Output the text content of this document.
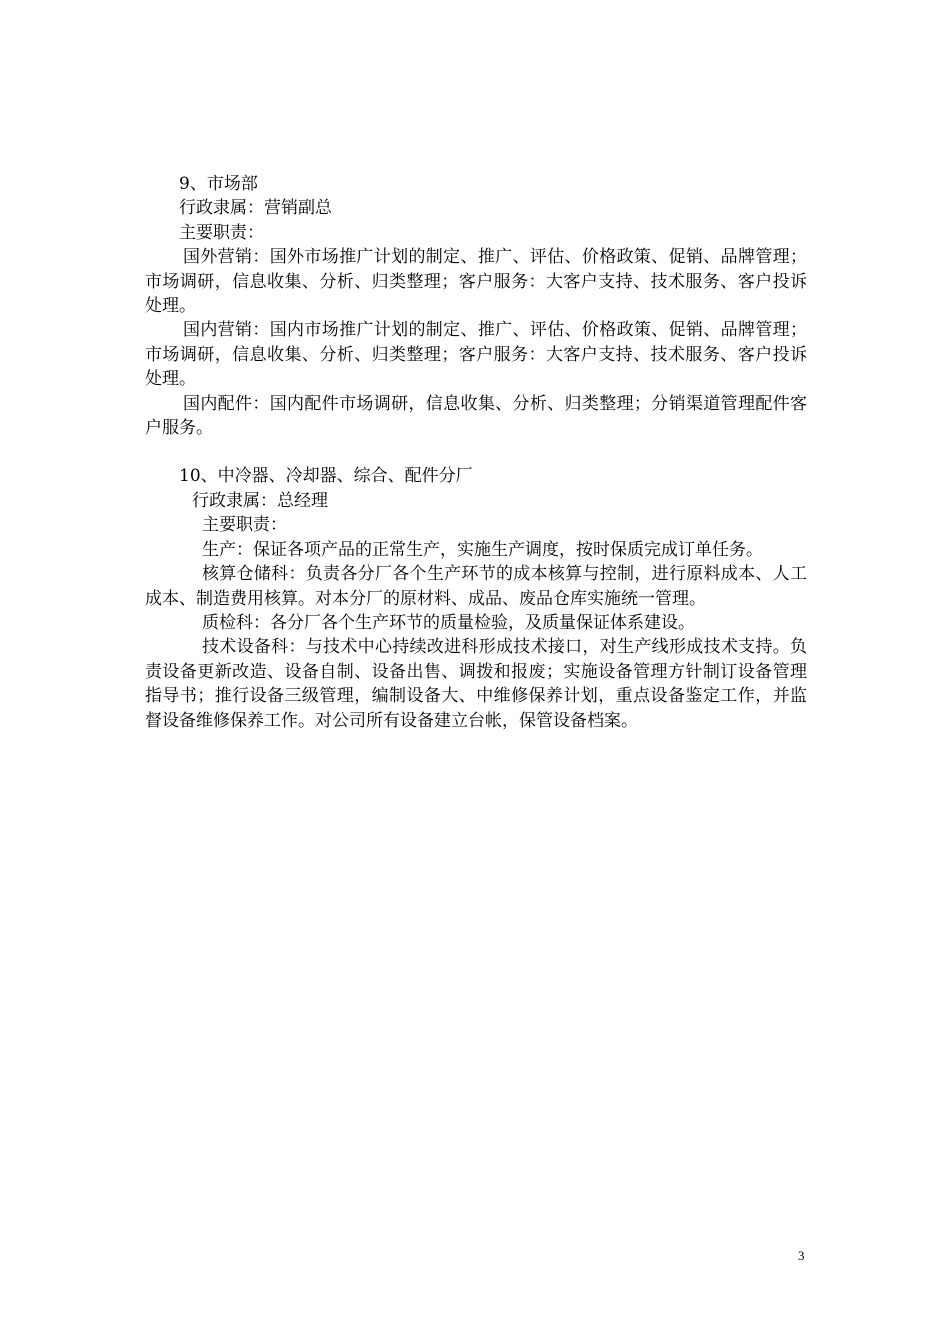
9、市场部
行政隶属：营销副总
主要职责：
国外营销：国外市场推广计划的制定、推广、评估、价格政策、促销、品牌管理；市场调研，信息收集、分析、归类整理；客户服务：大客户支持、技术服务、客户投诉处理。
国内营销：国内市场推广计划的制定、推广、评估、价格政策、促销、品牌管理；市场调研，信息收集、分析、归类整理；客户服务：大客户支持、技术服务、客户投诉处理。
国内配件：国内配件市场调研，信息收集、分析、归类整理；分销渠道管理配件客户服务。
10、中冷器、冷却器、综合、配件分厂
行政隶属：总经理
主要职责：
生产：保证各项产品的正常生产，实施生产调度，按时保质完成订单任务。
核算仓储科：负责各分厂各个生产环节的成本核算与控制，进行原料成本、人工成本、制造费用核算。对本分厂的原材料、成品、废品仓库实施统一管理。
质检科：各分厂各个生产环节的质量检验，及质量保证体系建设。
技术设备科：与技术中心持续改进科形成技术接口，对生产线形成技术支持。负责设备更新改造、设备自制、设备出售、调拨和报废；实施设备管理方针制订设备管理指导书；推行设备三级管理，编制设备大、中维修保养计划，重点设备鉴定工作，并监督设备维修保养工作。对公司所有设备建立台帐，保管设备档案。
3
